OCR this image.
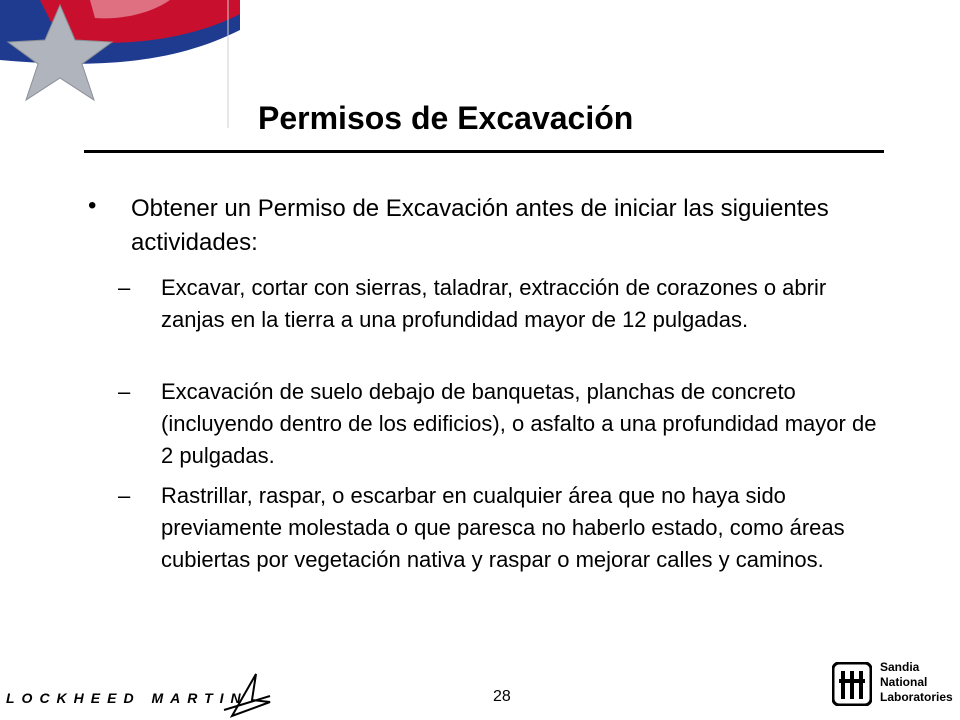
Permisos de Excavación
• Obtener un Permiso de Excavación antes de iniciar las siguientes actividades:
– Excavar, cortar con sierras, taladrar, extracción de corazones o abrir zanjas en la tierra a una profundidad mayor de 12 pulgadas.
– Excavación de suelo debajo de banquetas, planchas de concreto (incluyendo dentro de los edificios), o asfalto a una profundidad mayor de 2 pulgadas.
– Rastrillar, raspar, o escarbar en cualquier área que no haya sido previamente molestada o que paresca no haberlo estado, como áreas cubiertas por vegetación nativa y raspar o mejorar calles y caminos.
LOCKHEED MARTIN	28
Sandia
National
Laboratories
